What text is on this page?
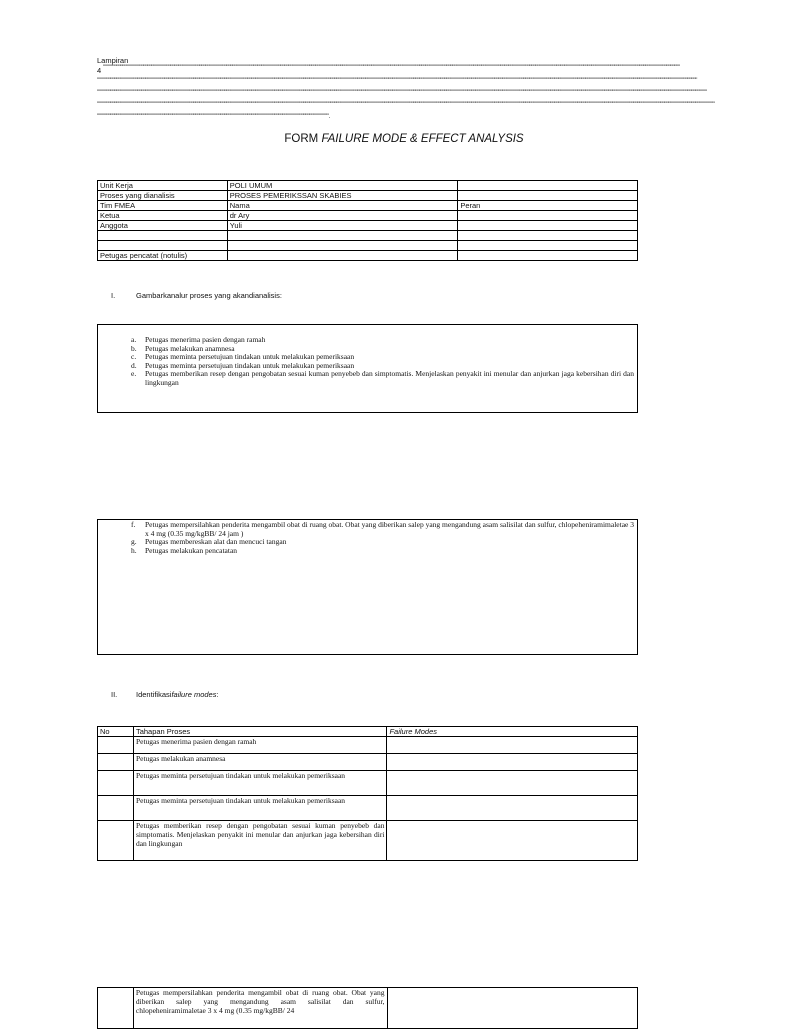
Lampiran
4 """""""""""""""""""""""""""""""""""""""""""""""""""""""""""""""""""""""""""""""""""""""""""""""""""""""""""""""""""""""""""""""""""""""""""""""""""""""""""""""""""""""""""""""""""""""""""""""""""""""""""""""""""""""""""""""""""""""""""""""""""""""""""""""""""""""""""""""""""""""""""""""""""""""""""
"""""""""""""""""""""""""""""""""""""""""""""""""""""""""""""""""""""""""""""""""""""""""""""""""""""""""""""""""""""""""""""""""""""""""""""""""""""""""""""""""""""""""""""""""""""""""""""""""""""""""""""""""""""""""""""""""""""""""""""""""""""""""""""""""""""""""""""""""""""""""""""""""""""""""""""""""""""""
""""""""""""""""""""""""""""""""""""""""""""""""""""""""""""""""""""""""""""""""""""""""""""""""""""""""""""""""""""""""""""""""""""""""""""""""""""""""""""""""""""""""""""""""""""""""""""""""""""""""""""""""""""""""""""""""""""""""""""""""""""""""""""""""""""""""""""""""""""""""""""""""""""""""""""""""""""""""""""
""""""""""""""""""""""""""""""""""""""""""""""""""""""""""""""""""""""""""""""""""""""""""""""""""""""""""""""""""""""""""""""""""""""""""""""""""""""""""""""""""""""""""""""""""""""""""""""""""""""""""""""""""""""""""""""""""""""""""""""""""""""""""""""""""""""""""""""""""""""""""""""""""""""""""""""""""""""""""""""""
"""""""""""""""""""""""""""""""""""""""""""""""""""""""""""""""""""""""""""""""""""""""""""""""""""""""""""""""""""""""".
FORM FAILURE MODE & EFFECT ANALYSIS
Unit Kerja	POLI UMUM	
Proses yang dianalisis	PROSES PEMERIKSSAN SKABIES	
Tim FMEA	Nama	Peran
Ketua	dr Ary	
Anggota	Yuli	

Petugas pencatat (notulis)		
I.	Gambarkanalur proses yang akandianalisis:
a.	Petugas menerima pasien dengan ramah
b.	Petugas melakukan anamnesa
c.	Petugas meminta persetujuan tindakan untuk melakukan pemeriksaan
d.	Petugas meminta persetujuan tindakan untuk melakukan pemeriksaan
e.	Petugas memberikan resep dengan pengobatan sesuai kuman penyebeb dan simptomatis. Menjelaskan penyakit ini menular dan anjurkan jaga kebersihan diri dan lingkungan
f.	Petugas mempersilahkan penderita mengambil obat di ruang obat. Obat yang diberikan salep yang mengandung asam salisilat dan sulfur, chlopeheniramimaletae 3 x 4 mg (0.35 mg/kgBB/ 24 jam )
g.	Petugas membereskan alat dan mencuci tangan
h.	Petugas melakukan pencatatan
II. Identifikasifailure modes:
No	Tahapan Proses	Failure Modes
	Petugas menerima pasien dengan ramah	
	Petugas melakukan anamnesa	
	Petugas meminta persetujuan tindakan untuk melakukan pemeriksaan	
	Petugas meminta persetujuan tindakan untuk melakukan pemeriksaan	
	Petugas memberikan resep dengan pengobatan sesuai kuman penyebeb dan simptomatis. Menjelaskan penyakit ini menular dan anjurkan jaga kebersihan diri dan lingkungan	
	Petugas mempersilahkan penderita mengambil obat di ruang obat. Obat yang diberikan salep yang mengandung asam salisilat dan sulfur, chlopeheniramimaletae 3 x 4 mg (0.35 mg/kgBB/ 24	
